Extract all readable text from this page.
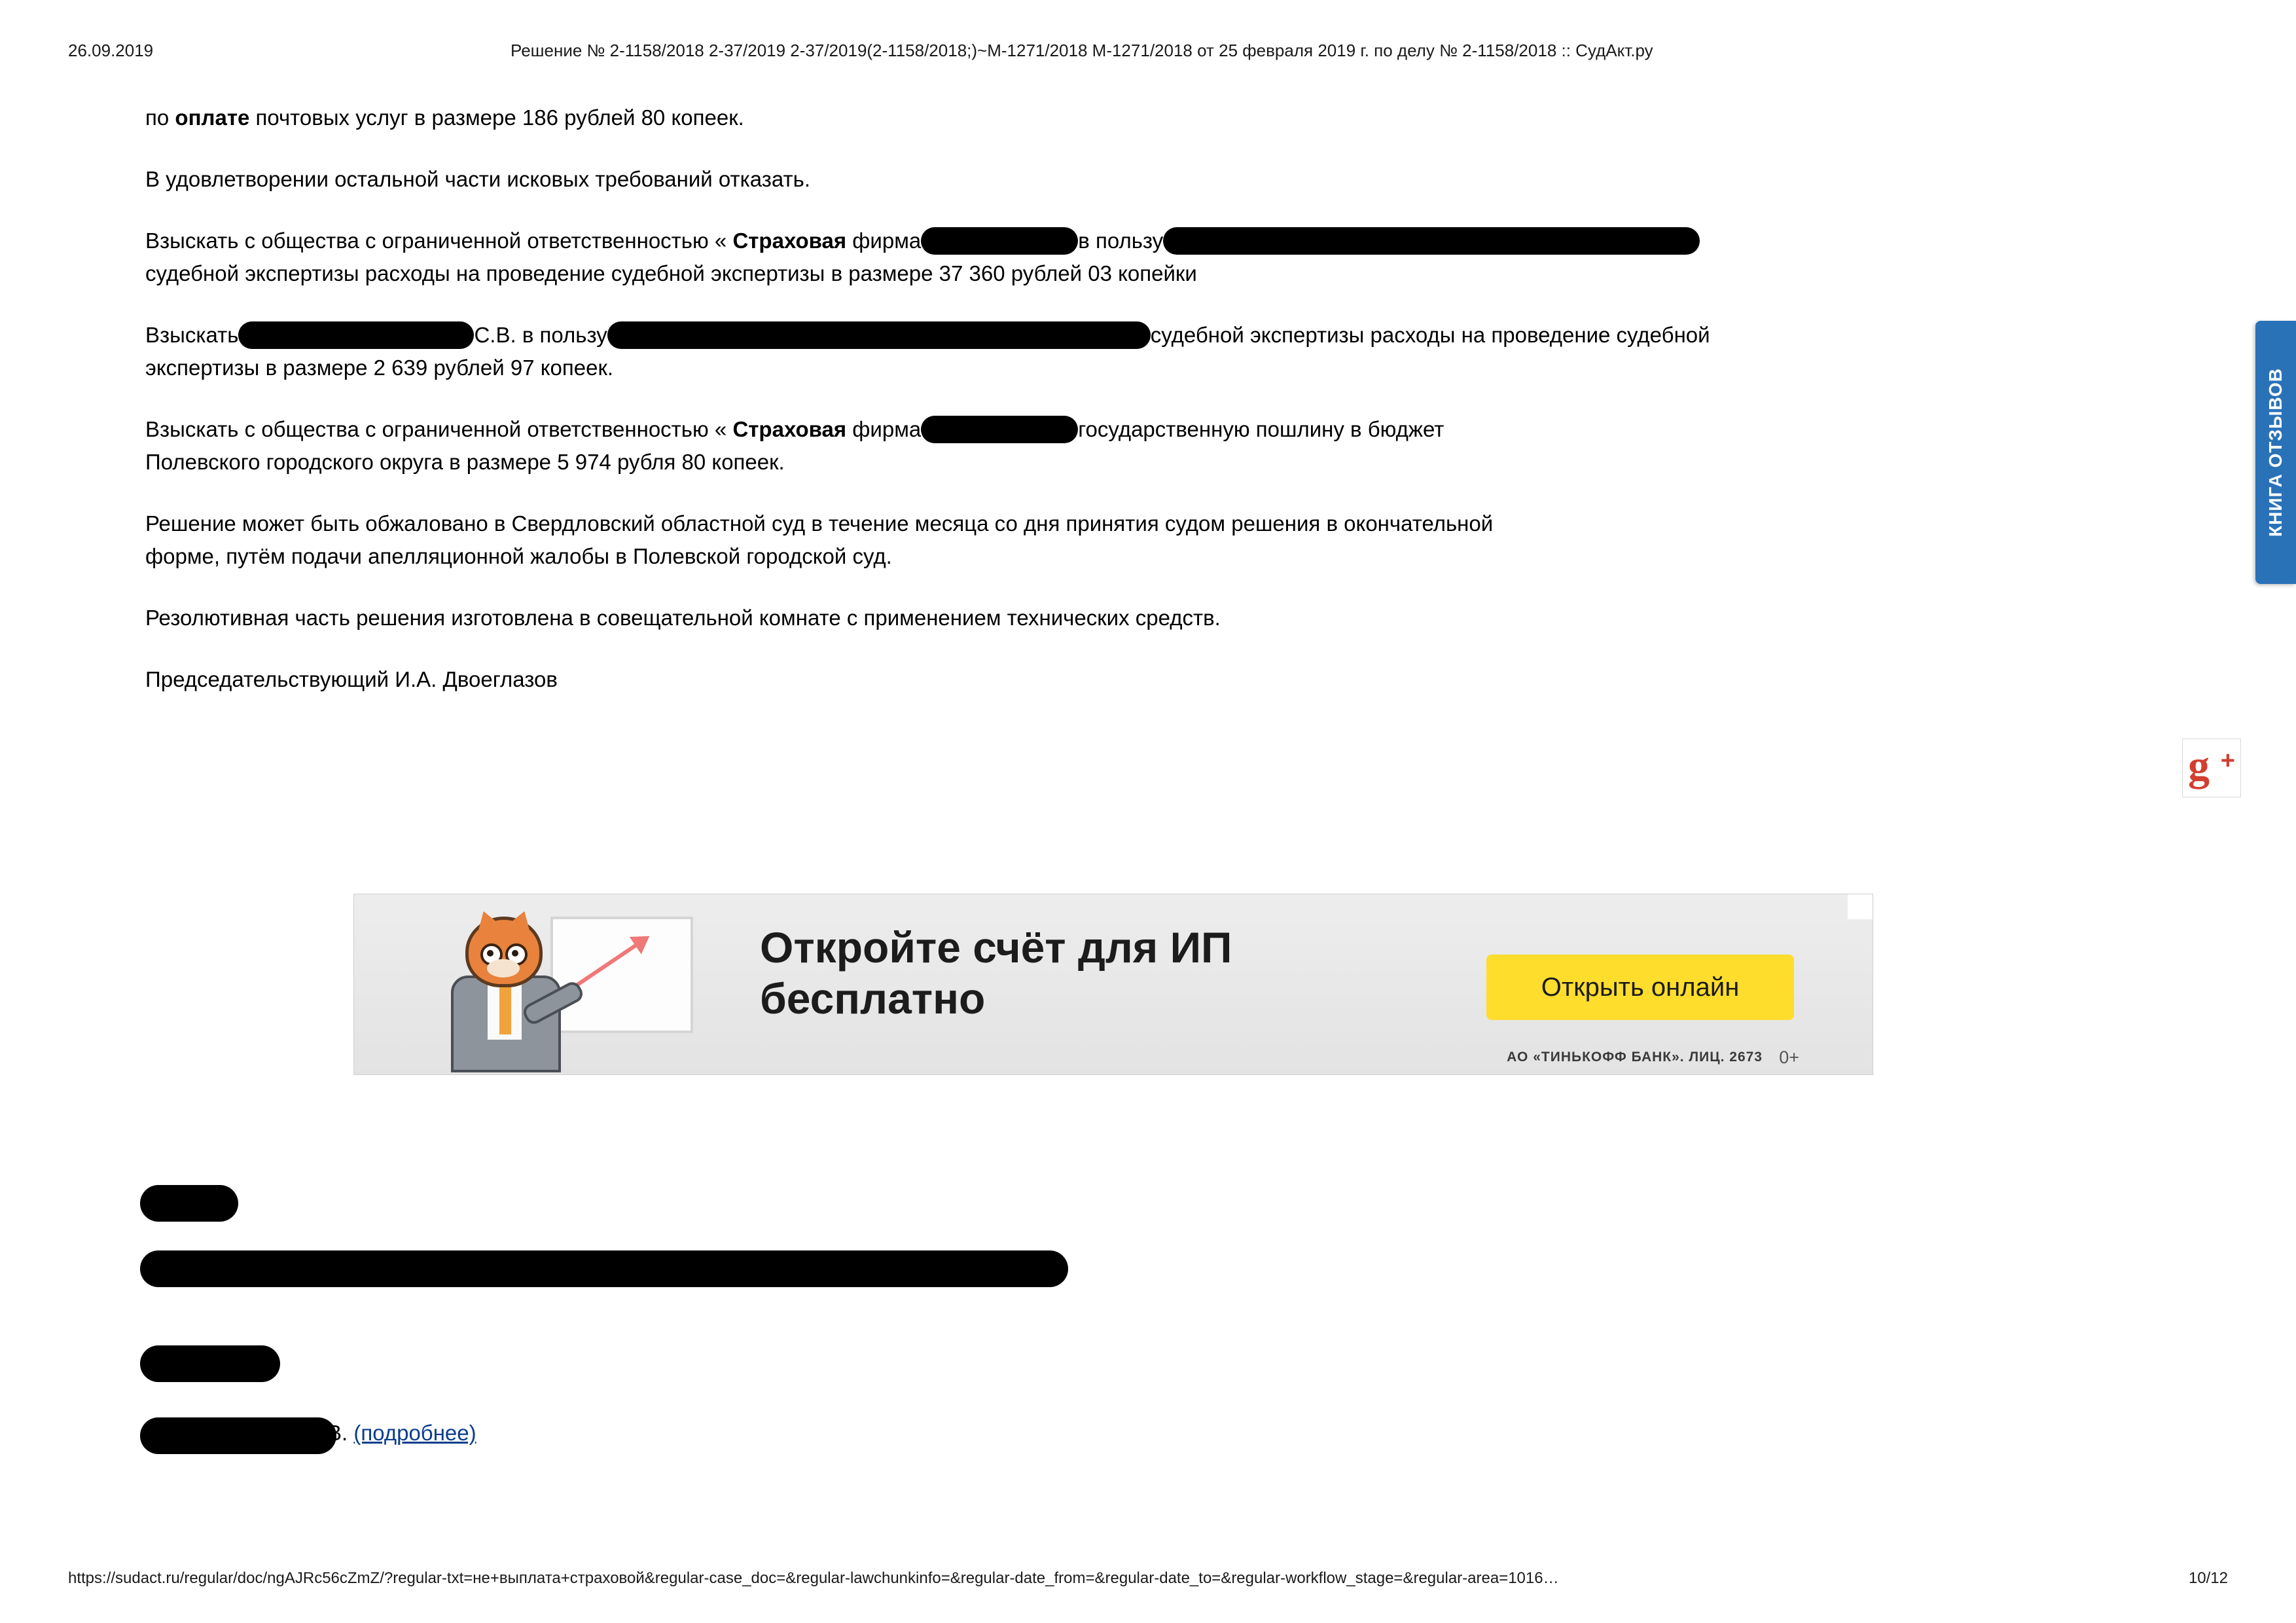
26.09.2019	Решение № 2-1158/2018 2-37/2019 2-37/2019(2-1158/2018;)~М-1271/2018 М-1271/2018 от 25 февраля 2019 г. по делу № 2-1158/2018 :: СудАкт.ру

по оплате почтовых услуг в размере 186 рублей 80 копеек.

В удовлетворении остальной части исковых требований отказать.

Взыскать с общества с ограниченной ответственностью « Страховая фирма	в пользу
судебной экспертизы расходы на проведение судебной экспертизы в размере 37 360 рублей 03 копейки

Взыскать	С.В. в пользу	судебной экспертизы расходы на проведение судебной
экспертизы в размере 2 639 рублей 97 копеек.

Взыскать с общества с ограниченной ответственностью « Страховая фирма	государственную пошлину в бюджет
Полевского городского округа в размере 5 974 рубля 80 копеек.

Решение может быть обжаловано в Свердловский областной суд в течение месяца со дня принятия судом решения в окончательной
форме, путём подачи апелляционной жалобы в Полевской городской суд.

Резолютивная часть решения изготовлена в совещательной комнате с применением технических средств.

Председательствующий И.А. Двоеглазов

Откройте счёт для ИП
бесплатно	Открыть онлайн
АО «ТИНЬКОФФ БАНК». ЛИЦ. 2673 0+
В. (подробнее)
КНИГА ОТЗЫВОВ
g +
https://sudact.ru/regular/doc/ngAJRc56cZmZ/?regular-txt=не+выплата+страховой&regular-case_doc=&regular-lawchunkinfo=&regular-date_from=&regular-date_to=&regular-workflow_stage=&regular-area=1016…	10/12
